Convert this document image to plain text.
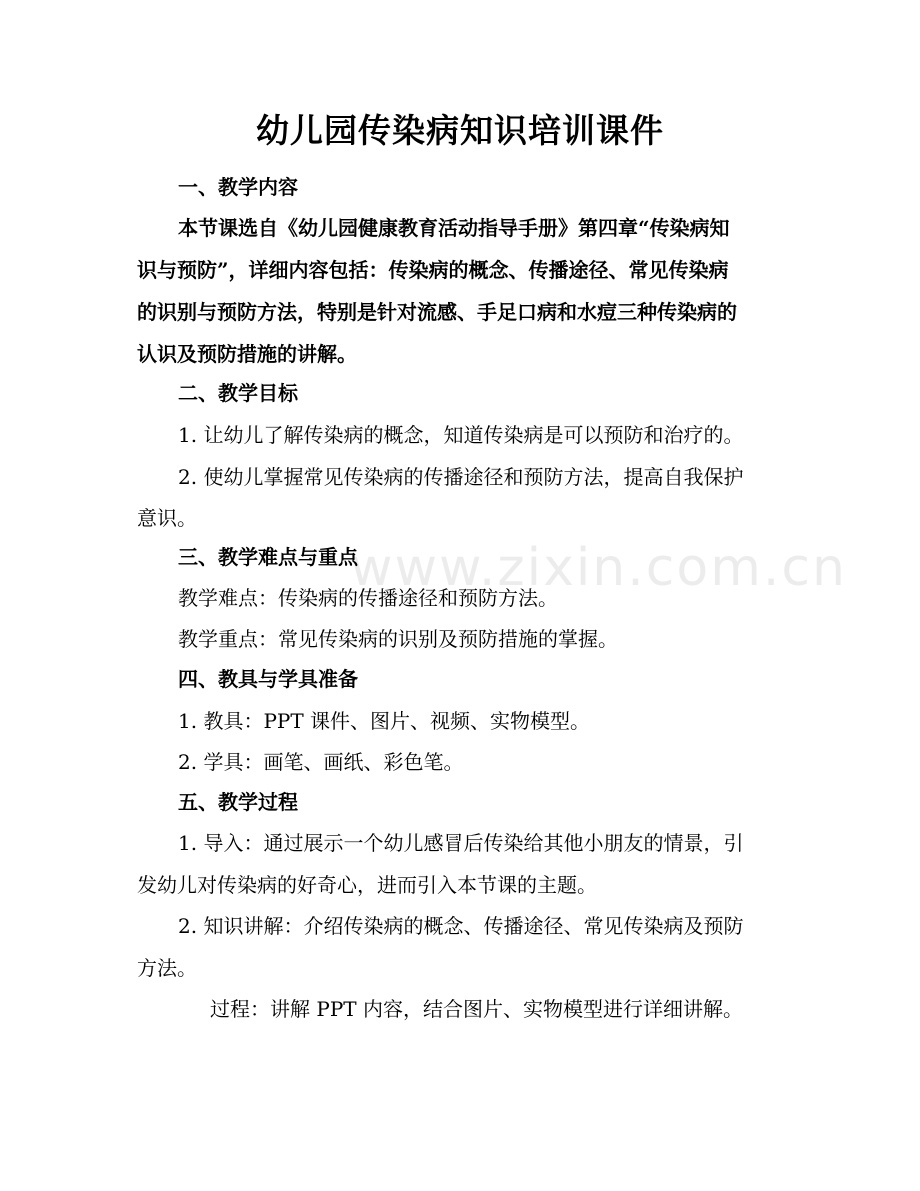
www.zixin.com.cn
幼儿园传染病知识培训课件
一、教学内容
本节课选自《幼儿园健康教育活动指导手册》第四章“传染病知
识与预防”，详细内容包括：传染病的概念、传播途径、常见传染病
的识别与预防方法，特别是针对流感、手足口病和水痘三种传染病的
认识及预防措施的讲解。
二、教学目标
1. 让幼儿了解传染病的概念，知道传染病是可以预防和治疗的。
2. 使幼儿掌握常见传染病的传播途径和预防方法，提高自我保护
意识。
三、教学难点与重点
教学难点：传染病的传播途径和预防方法。
教学重点：常见传染病的识别及预防措施的掌握。
四、教具与学具准备
1. 教具：PPT 课件、图片、视频、实物模型。
2. 学具：画笔、画纸、彩色笔。
五、教学过程
1. 导入：通过展示一个幼儿感冒后传染给其他小朋友的情景，引
发幼儿对传染病的好奇心，进而引入本节课的主题。
2. 知识讲解：介绍传染病的概念、传播途径、常见传染病及预防
方法。
过程：讲解 PPT 内容，结合图片、实物模型进行详细讲解。
